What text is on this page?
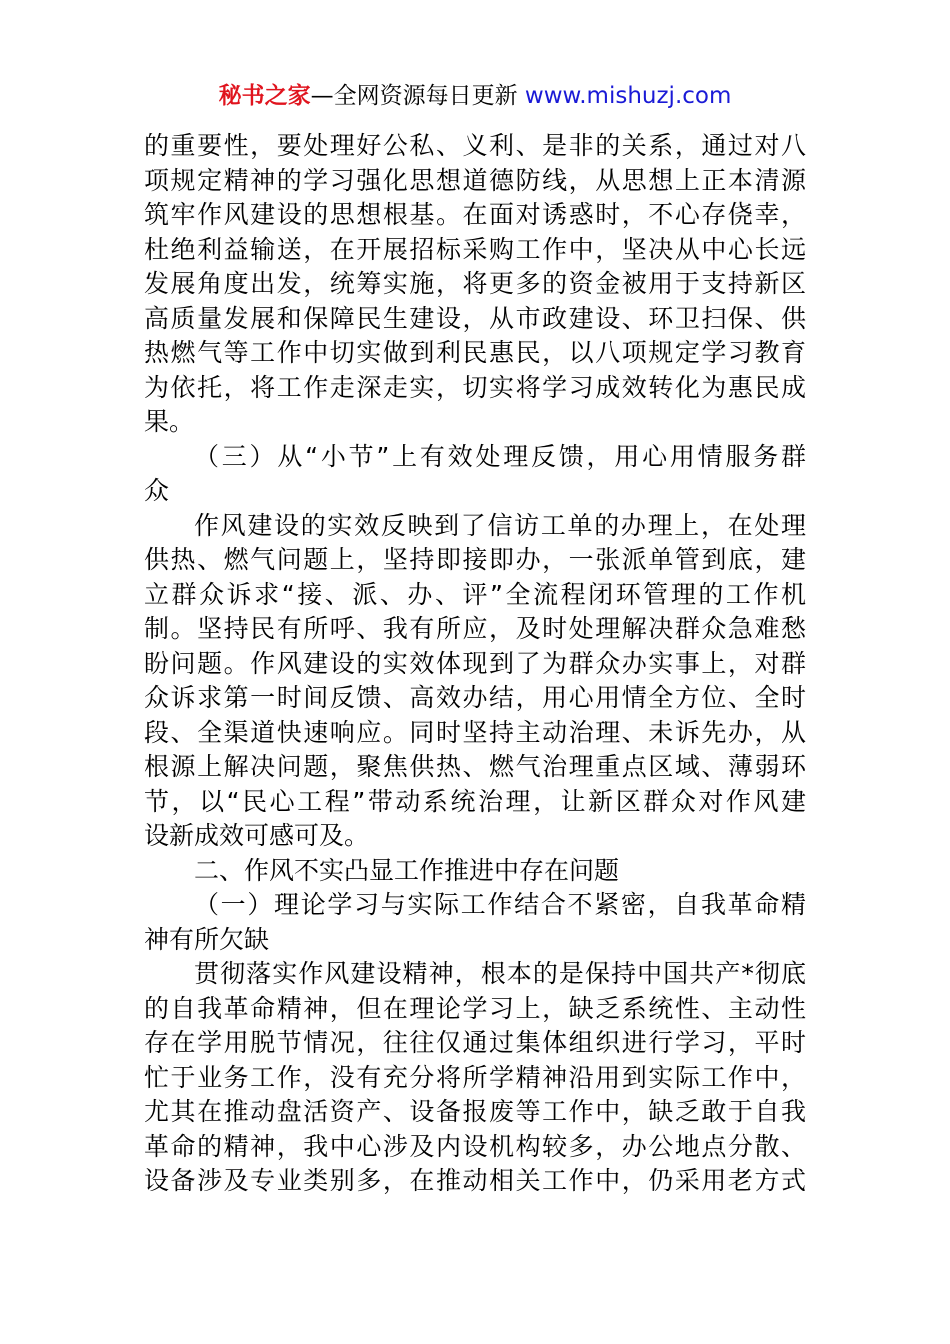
秘书之家—全网资源每日更新 www.mishuzj.com
的重要性，要处理好公私、义利、是非的关系，通过对八
项规定精神的学习强化思想道德防线，从思想上正本清源
筑牢作风建设的思想根基。在面对诱惑时，不心存侥幸，
杜绝利益输送，在开展招标采购工作中，坚决从中心长远
发展角度出发，统筹实施，将更多的资金被用于支持新区
高质量发展和保障民生建设，从市政建设、环卫扫保、供
热燃气等工作中切实做到利民惠民，以八项规定学习教育
为依托，将工作走深走实，切实将学习成效转化为惠民成
果。
（三）从“小节”上有效处理反馈，用心用情服务群
众
作风建设的实效反映到了信访工单的办理上，在处理
供热、燃气问题上，坚持即接即办，一张派单管到底，建
立群众诉求“接、派、办、评”全流程闭环管理的工作机
制。坚持民有所呼、我有所应，及时处理解决群众急难愁
盼问题。作风建设的实效体现到了为群众办实事上，对群
众诉求第一时间反馈、高效办结，用心用情全方位、全时
段、全渠道快速响应。同时坚持主动治理、未诉先办，从
根源上解决问题，聚焦供热、燃气治理重点区域、薄弱环
节，以“民心工程”带动系统治理，让新区群众对作风建
设新成效可感可及。
二、作风不实凸显工作推进中存在问题
（一）理论学习与实际工作结合不紧密，自我革命精
神有所欠缺
贯彻落实作风建设精神，根本的是保持中国共产*彻底
的自我革命精神，但在理论学习上，缺乏系统性、主动性
存在学用脱节情况，往往仅通过集体组织进行学习，平时
忙于业务工作，没有充分将所学精神沿用到实际工作中，
尤其在推动盘活资产、设备报废等工作中，缺乏敢于自我
革命的精神，我中心涉及内设机构较多，办公地点分散、
设备涉及专业类别多，在推动相关工作中，仍采用老方式
